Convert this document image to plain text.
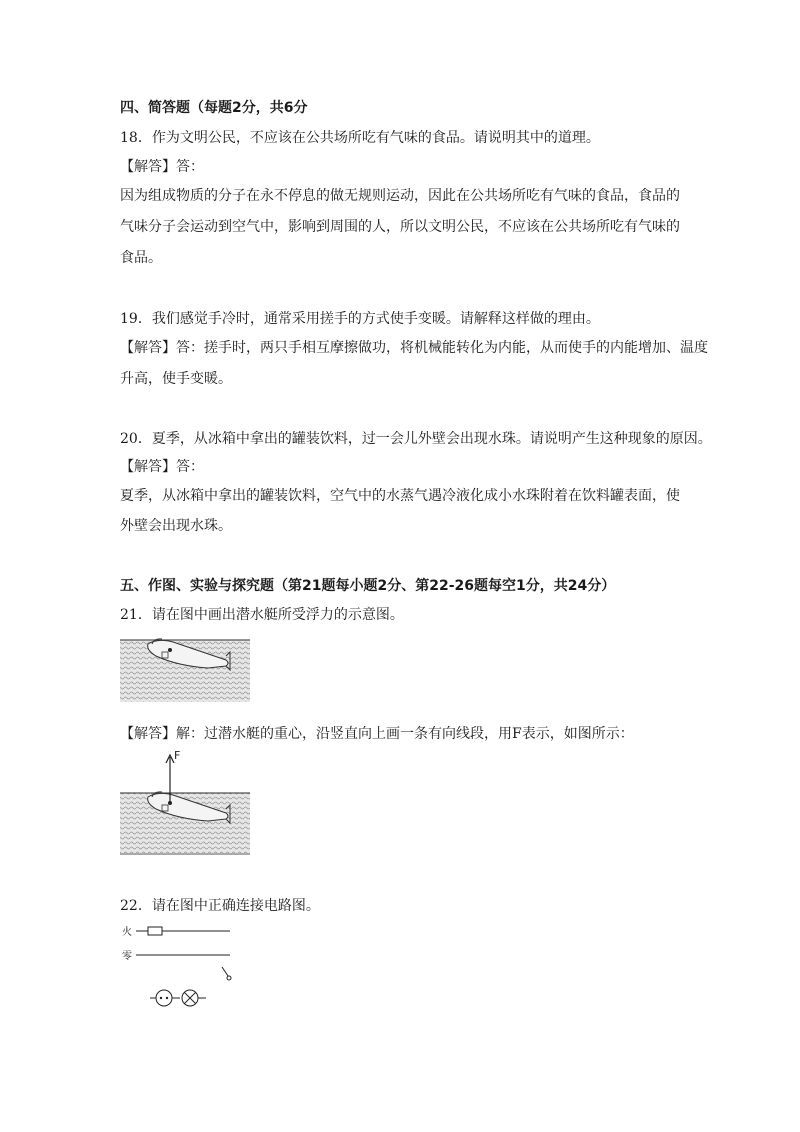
四、简答题（每题2分，共6分
18．作为文明公民，不应该在公共场所吃有气味的食品。请说明其中的道理。
【解答】答：
因为组成物质的分子在永不停息的做无规则运动，因此在公共场所吃有气味的食品，食品的
气味分子会运动到空气中，影响到周围的人，所以文明公民，不应该在公共场所吃有气味的
食品。
19．我们感觉手冷时，通常采用搓手的方式使手变暖。请解释这样做的理由。
【解答】答：搓手时，两只手相互摩擦做功，将机械能转化为内能，从而使手的内能增加、温度
升高，使手变暖。
20．夏季，从冰箱中拿出的罐装饮料，过一会儿外壁会出现水珠。请说明产生这种现象的原因。
【解答】答：
夏季，从冰箱中拿出的罐装饮料，空气中的水蒸气遇冷液化成小水珠附着在饮料罐表面，使
外壁会出现水珠。
五、作图、实验与探究题（第21题每小题2分、第22-26题每空1分，共24分）
21．请在图中画出潜水艇所受浮力的示意图。
【解答】解：过潜水艇的重心，沿竖直向上画一条有向线段，用F表示，如图所示：
F
22．请在图中正确连接电路图。
火
零
